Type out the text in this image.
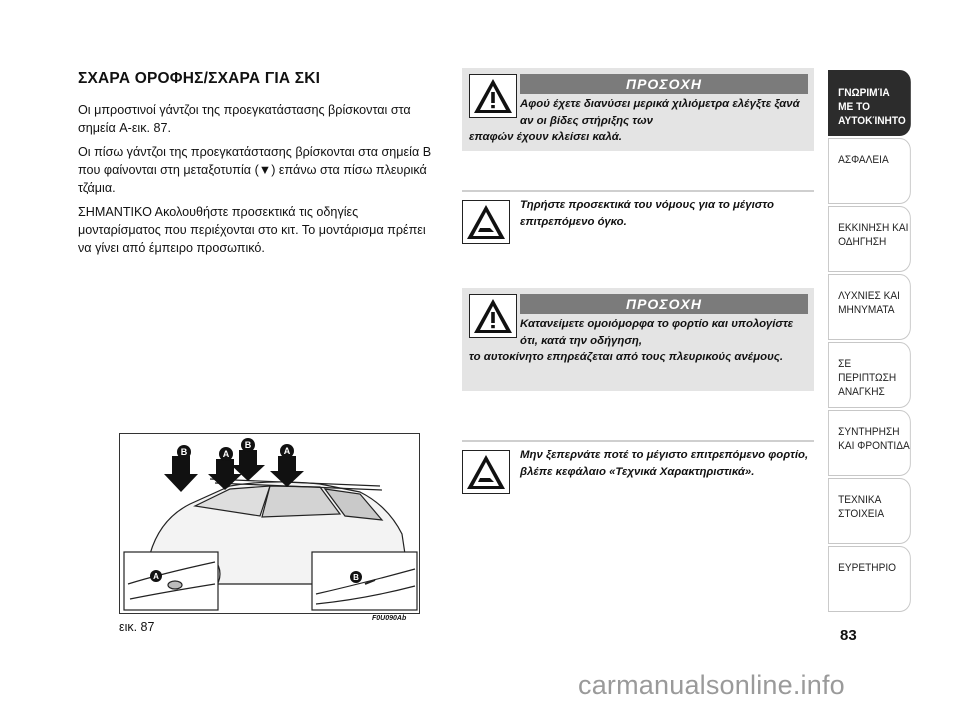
ΣΧΑΡΑ ΟΡΟΦΗΣ/ΣΧΑΡΑ ΓΙΑ ΣΚΙ

Οι μπροστινοί γάντζοι της προεγκατάστασης βρίσκονται στα σημεία A-εικ. 87.

Οι πίσω γάντζοι της προεγκατάστασης βρίσκονται στα σημεία B που φαίνονται στη μεταξοτυπία (▼) επάνω στα πίσω πλευρικά τζάμια.

ΣΗΜΑΝΤΙΚΟ Ακολουθήστε προσεκτικά τις οδηγίες μονταρίσματος που περιέχονται στο κιτ. Το μοντάρισμα πρέπει να γίνει από έμπειρο προσωπικό.

B	A
B
A
A	B
εικ. 87
F0U090Ab
ΠΡΟΣΟΧΗ
Αφού έχετε διανύσει μερικά χιλιόμετρα ελέγξτε ξανά αν οι βίδες στήριξης των
επαφών έχουν κλείσει καλά.
Τηρήστε προσεκτικά του νόμους για το μέγιστο επιτρεπόμενο όγκο.
ΠΡΟΣΟΧΗ
Κατανείμετε ομοιόμορφα το φορτίο και υπολογίστε ότι, κατά την οδήγηση,
το αυτοκίνητο επηρεάζεται από τους πλευρικούς ανέμους.
Μην ξεπερνάτε ποτέ το μέγιστο επιτρεπόμενο φορτίο, βλέπε κεφάλαιο «Τεχνικά Χαρακτηριστικά».
ΓΝΩΡΙΜΊΑ
ΜΕ ΤΟ
ΑΥΤΟΚΊΝΗΤΟ
ΑΣΦΑΛΕΙΑ
ΕΚΚΙΝΗΣΗ ΚΑΙ
ΟΔΗΓΗΣΗ
ΛΥΧΝΙΕΣ ΚΑΙ
ΜΗΝΥΜΑΤΑ
ΣΕ ΠΕΡΙΠΤΩΣΗ
ΑΝΑΓΚΗΣ
ΣΥΝΤΗΡΗΣΗ
ΚΑΙ ΦΡΟΝΤΙΔΑ
ΤΕΧΝΙΚΑ
ΣΤΟΙΧΕΙΑ
ΕΥΡΕΤΗΡΙΟ
83
carmanualsonline.info
